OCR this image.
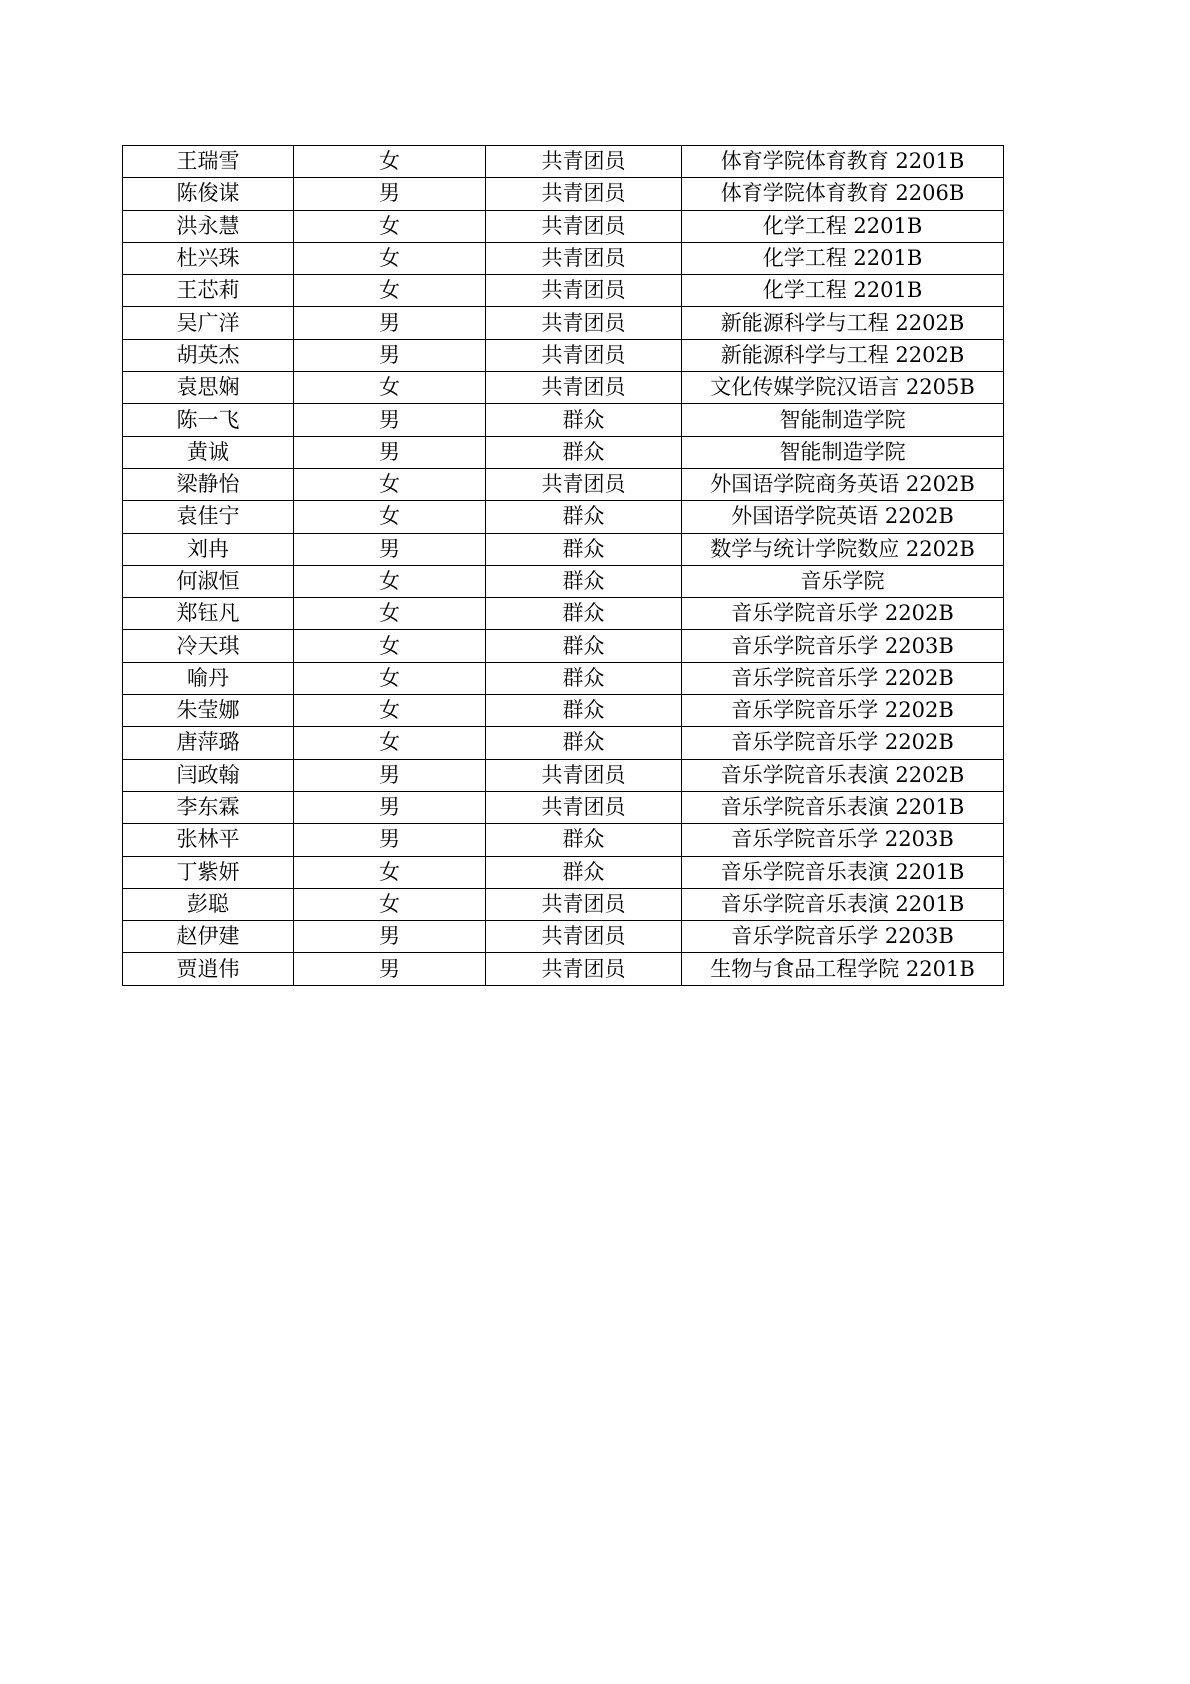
王瑞雪	女	共青团员	体育学院体育教育 2201B
陈俊谋	男	共青团员	体育学院体育教育 2206B
洪永慧	女	共青团员	化学工程 2201B
杜兴珠	女	共青团员	化学工程 2201B
王芯莉	女	共青团员	化学工程 2201B
吴广洋	男	共青团员	新能源科学与工程 2202B
胡英杰	男	共青团员	新能源科学与工程 2202B
袁思娴	女	共青团员	文化传媒学院汉语言 2205B
陈一飞	男	群众	智能制造学院
黄诚	男	群众	智能制造学院
梁静怡	女	共青团员	外国语学院商务英语 2202B
袁佳宁	女	群众	外国语学院英语 2202B
刘冉	男	群众	数学与统计学院数应 2202B
何淑恒	女	群众	音乐学院
郑钰凡	女	群众	音乐学院音乐学 2202B
冷天琪	女	群众	音乐学院音乐学 2203B
喻丹	女	群众	音乐学院音乐学 2202B
朱莹娜	女	群众	音乐学院音乐学 2202B
唐萍璐	女	群众	音乐学院音乐学 2202B
闫政翰	男	共青团员	音乐学院音乐表演 2202B
李东霖	男	共青团员	音乐学院音乐表演 2201B
张林平	男	群众	音乐学院音乐学 2203B
丁紫妍	女	群众	音乐学院音乐表演 2201B
彭聪	女	共青团员	音乐学院音乐表演 2201B
赵伊建	男	共青团员	音乐学院音乐学 2203B
贾逍伟	男	共青团员	生物与食品工程学院 2201B
